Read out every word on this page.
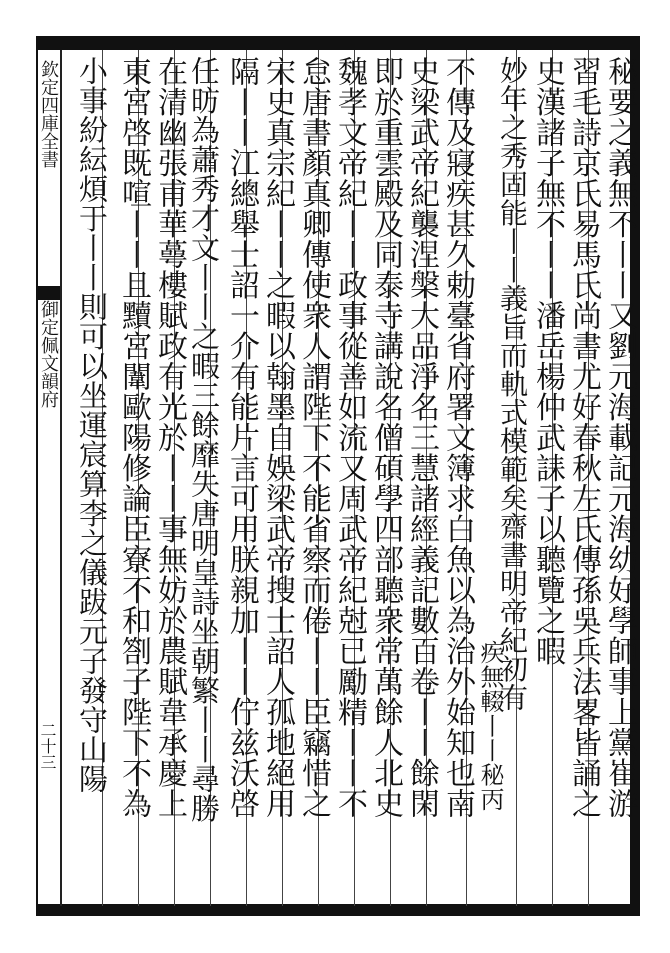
欽定四庫全書
御定佩文韻府
二十三	秘要之義無不丨丨又劉元海載記元海幼好學師事上黨崔游
習毛詩京氏易馬氏尚書尤好春秋左氏傳孫吳兵法畧皆誦之
史漢諸子無不丨丨潘岳楊仲武誄子以聽覽之暇
妙年之秀固能丨丨義旨而軌式模範矣齋書明帝紀初有
疾無輟丨丨秘丙
不傳及寢疾甚久勅臺省府署文簿求白魚以為治外始知也南
史梁武帝紀襲涅槃大品淨名三慧諸經義記數百卷丨丨餘閑
即於重雲殿及同泰寺講說名僧碩學四部聽衆常萬餘人北史
魏孝文帝紀丨丨政事從善如流又周武帝紀尅已勵精丨丨不
怠唐書顏真卿傳使衆人謂陛下不能省察而倦丨丨臣竊惜之
宋史真宗紀丨丨之暇以翰墨自娛梁武帝搜士詔人孤地絕用
隔丨丨江總舉士詔一介有能片言可用朕親加丨丨佇兹沃啓
任昉為蕭秀才文丨丨之暇三餘靡失唐明皇詩坐朝繁丨丨尋勝
在清幽張甫華蕚樓賦政有光於丨丨事無妨於農賦韋承慶上
東宮啓既喧丨丨且黷宮闈歐陽修論臣寮不和劄子陛下不為
小事紛紜煩于丨丨則可以坐運宸算李之儀跋元子發守山陽
